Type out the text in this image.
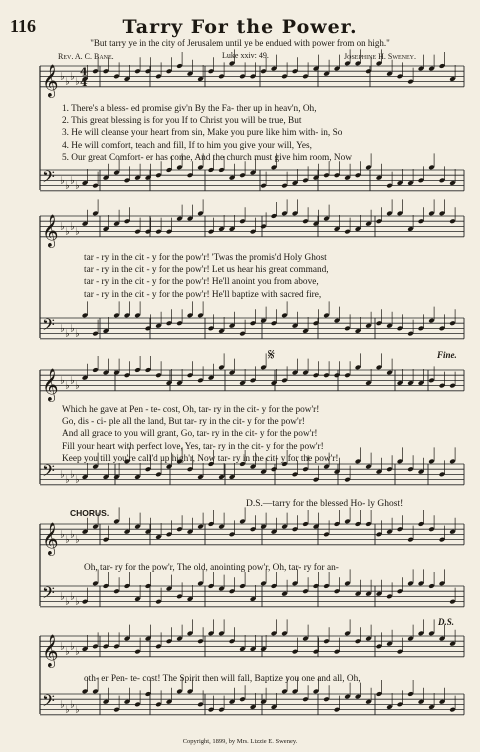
116	Tarry For the Power.
"But tarry ye in the city of Jerusalem until ye be endued with power from on high."
Rev. A. C. Bane.	Luke xxiv: 49.	Josephine H. Sweney.
𝄞 ♭ ♭ ♭ ♭
𝄢 ♭ ♭ ♭ ♭
𝄞 ♭ ♭ ♭ ♭
𝄢 ♭ ♭ ♭ ♭
𝄞 ♭ ♭ ♭ ♭
𝄢 ♭ ♭ ♭ ♭
𝄞 ♭ ♭ ♭ ♭
𝄢 ♭ ♭ ♭ ♭
𝄞 ♭ ♭ ♭ ♭
𝄢 ♭ ♭ ♭ ♭
4
4
𝄋
1. There's a bless- ed promise giv'n By the Fa- ther up in heav'n, Oh,
2. This great blessing is for you If to Christ you will be true, But
3. He will cleanse your heart from sin, Make you pure like him with- in, So
4. He will comfort, teach and fill, If to him you give your will, Yes,
5. Our great Comfort- er has come, And the church must give him room, Now
tar - ry in the cit - y for the pow'r! 'Twas the promis'd Holy Ghost
tar - ry in the cit - y for the pow'r! Let us hear his great command,
tar - ry in the cit - y for the pow'r! He'll anoint you from above,
tar - ry in the cit - y for the pow'r! He'll baptize with sacred fire,
Which he gave at Pen - te- cost, Oh, tar- ry in the cit- y for the pow'r!
Go, dis - ci- ple all the land, But tar- ry in the cit- y for the pow'r!
And all grace to you will grant, Go, tar- ry in the cit- y for the pow'r!
Fill your heart with perfect love, Yes, tar- ry in the cit- y for the pow'r!
Keep you till you're call'd up high'r, Now tar- ry in the cit- y for the pow'r!
Fine.
D.S.—tarry for the blessed Ho- ly Ghost!
CHORUS.
Oh, tar- ry for the pow'r, The old, anointing pow'r, Oh, tar- ry for an-
D.S.
oth- er Pen- te- cost! The Spirit then will fall, Baptize you one and all, Oh,
Copyright, 1899, by Mrs. Lizzie E. Sweney.
